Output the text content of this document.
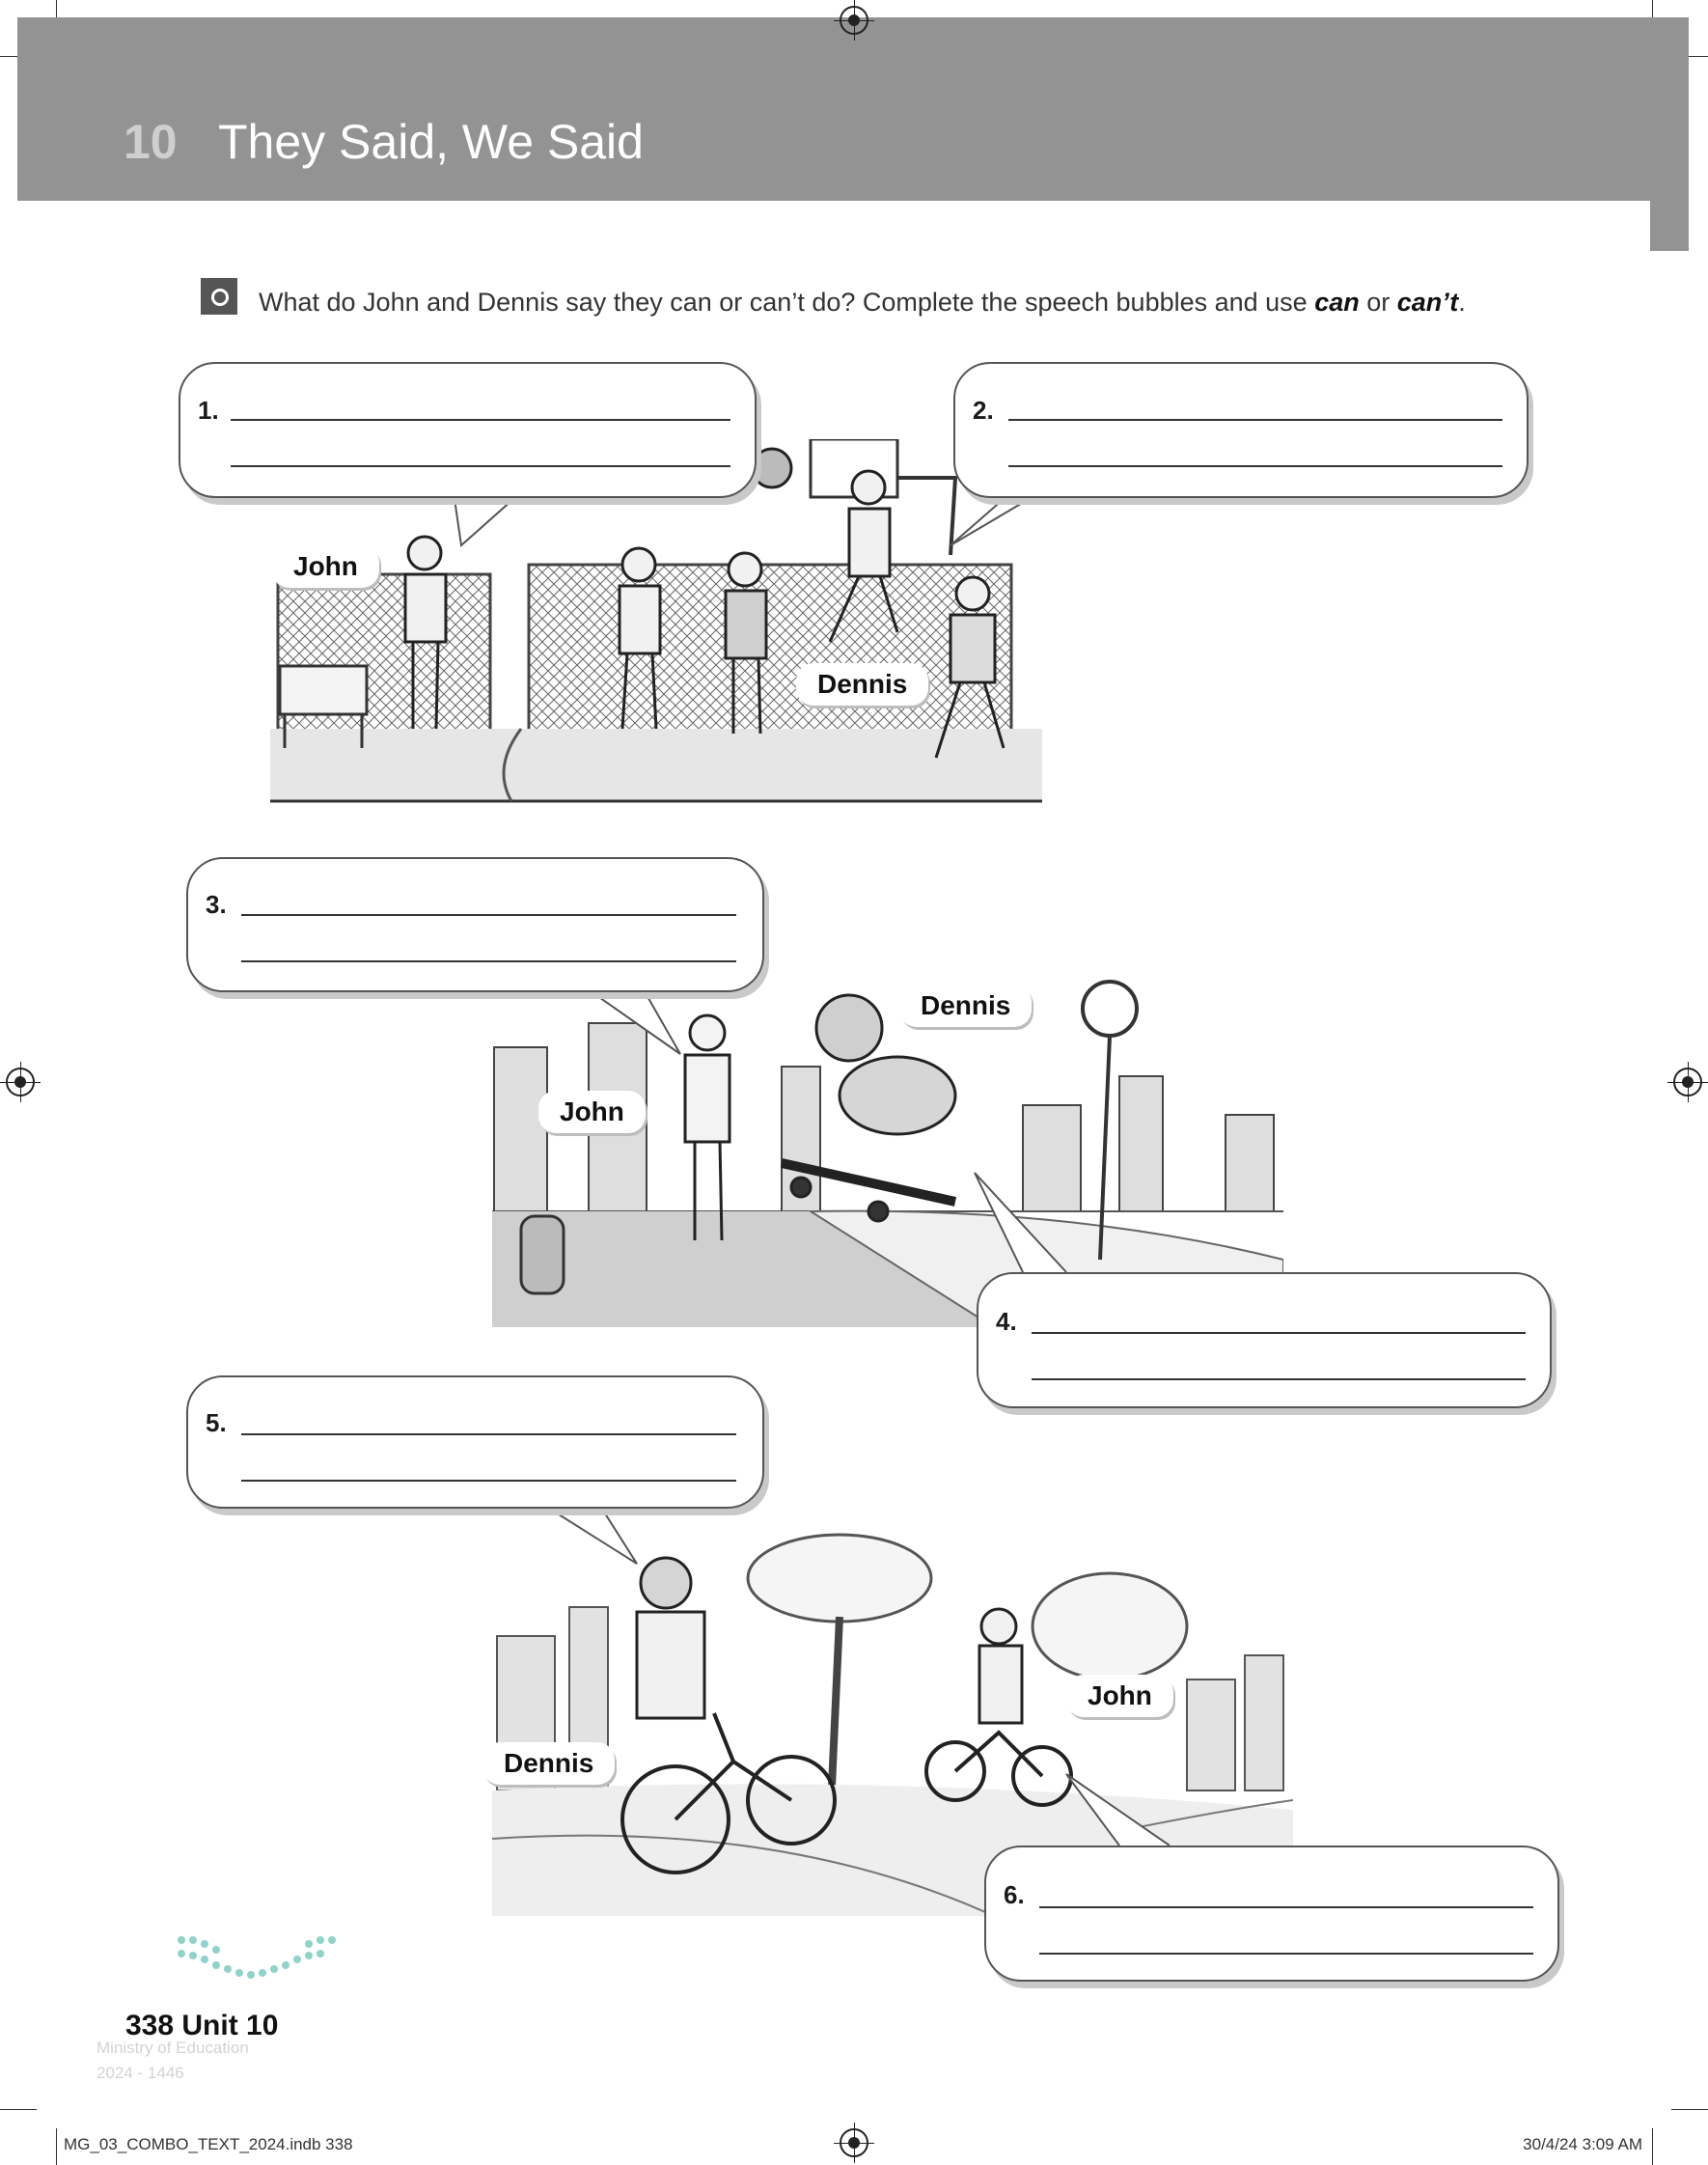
10 They Said, We Said
What do John and Dennis say they can or can’t do? Complete the speech bubbles and use can or can’t.
John
Dennis
Dennis
John
Dennis
John
1.	2.
3.
4.
5.
6.
338 Unit 10
Ministry of Education
2024 - 1446
MG_03_COMBO_TEXT_2024.indb 338	30/4/24 3:09 AM
